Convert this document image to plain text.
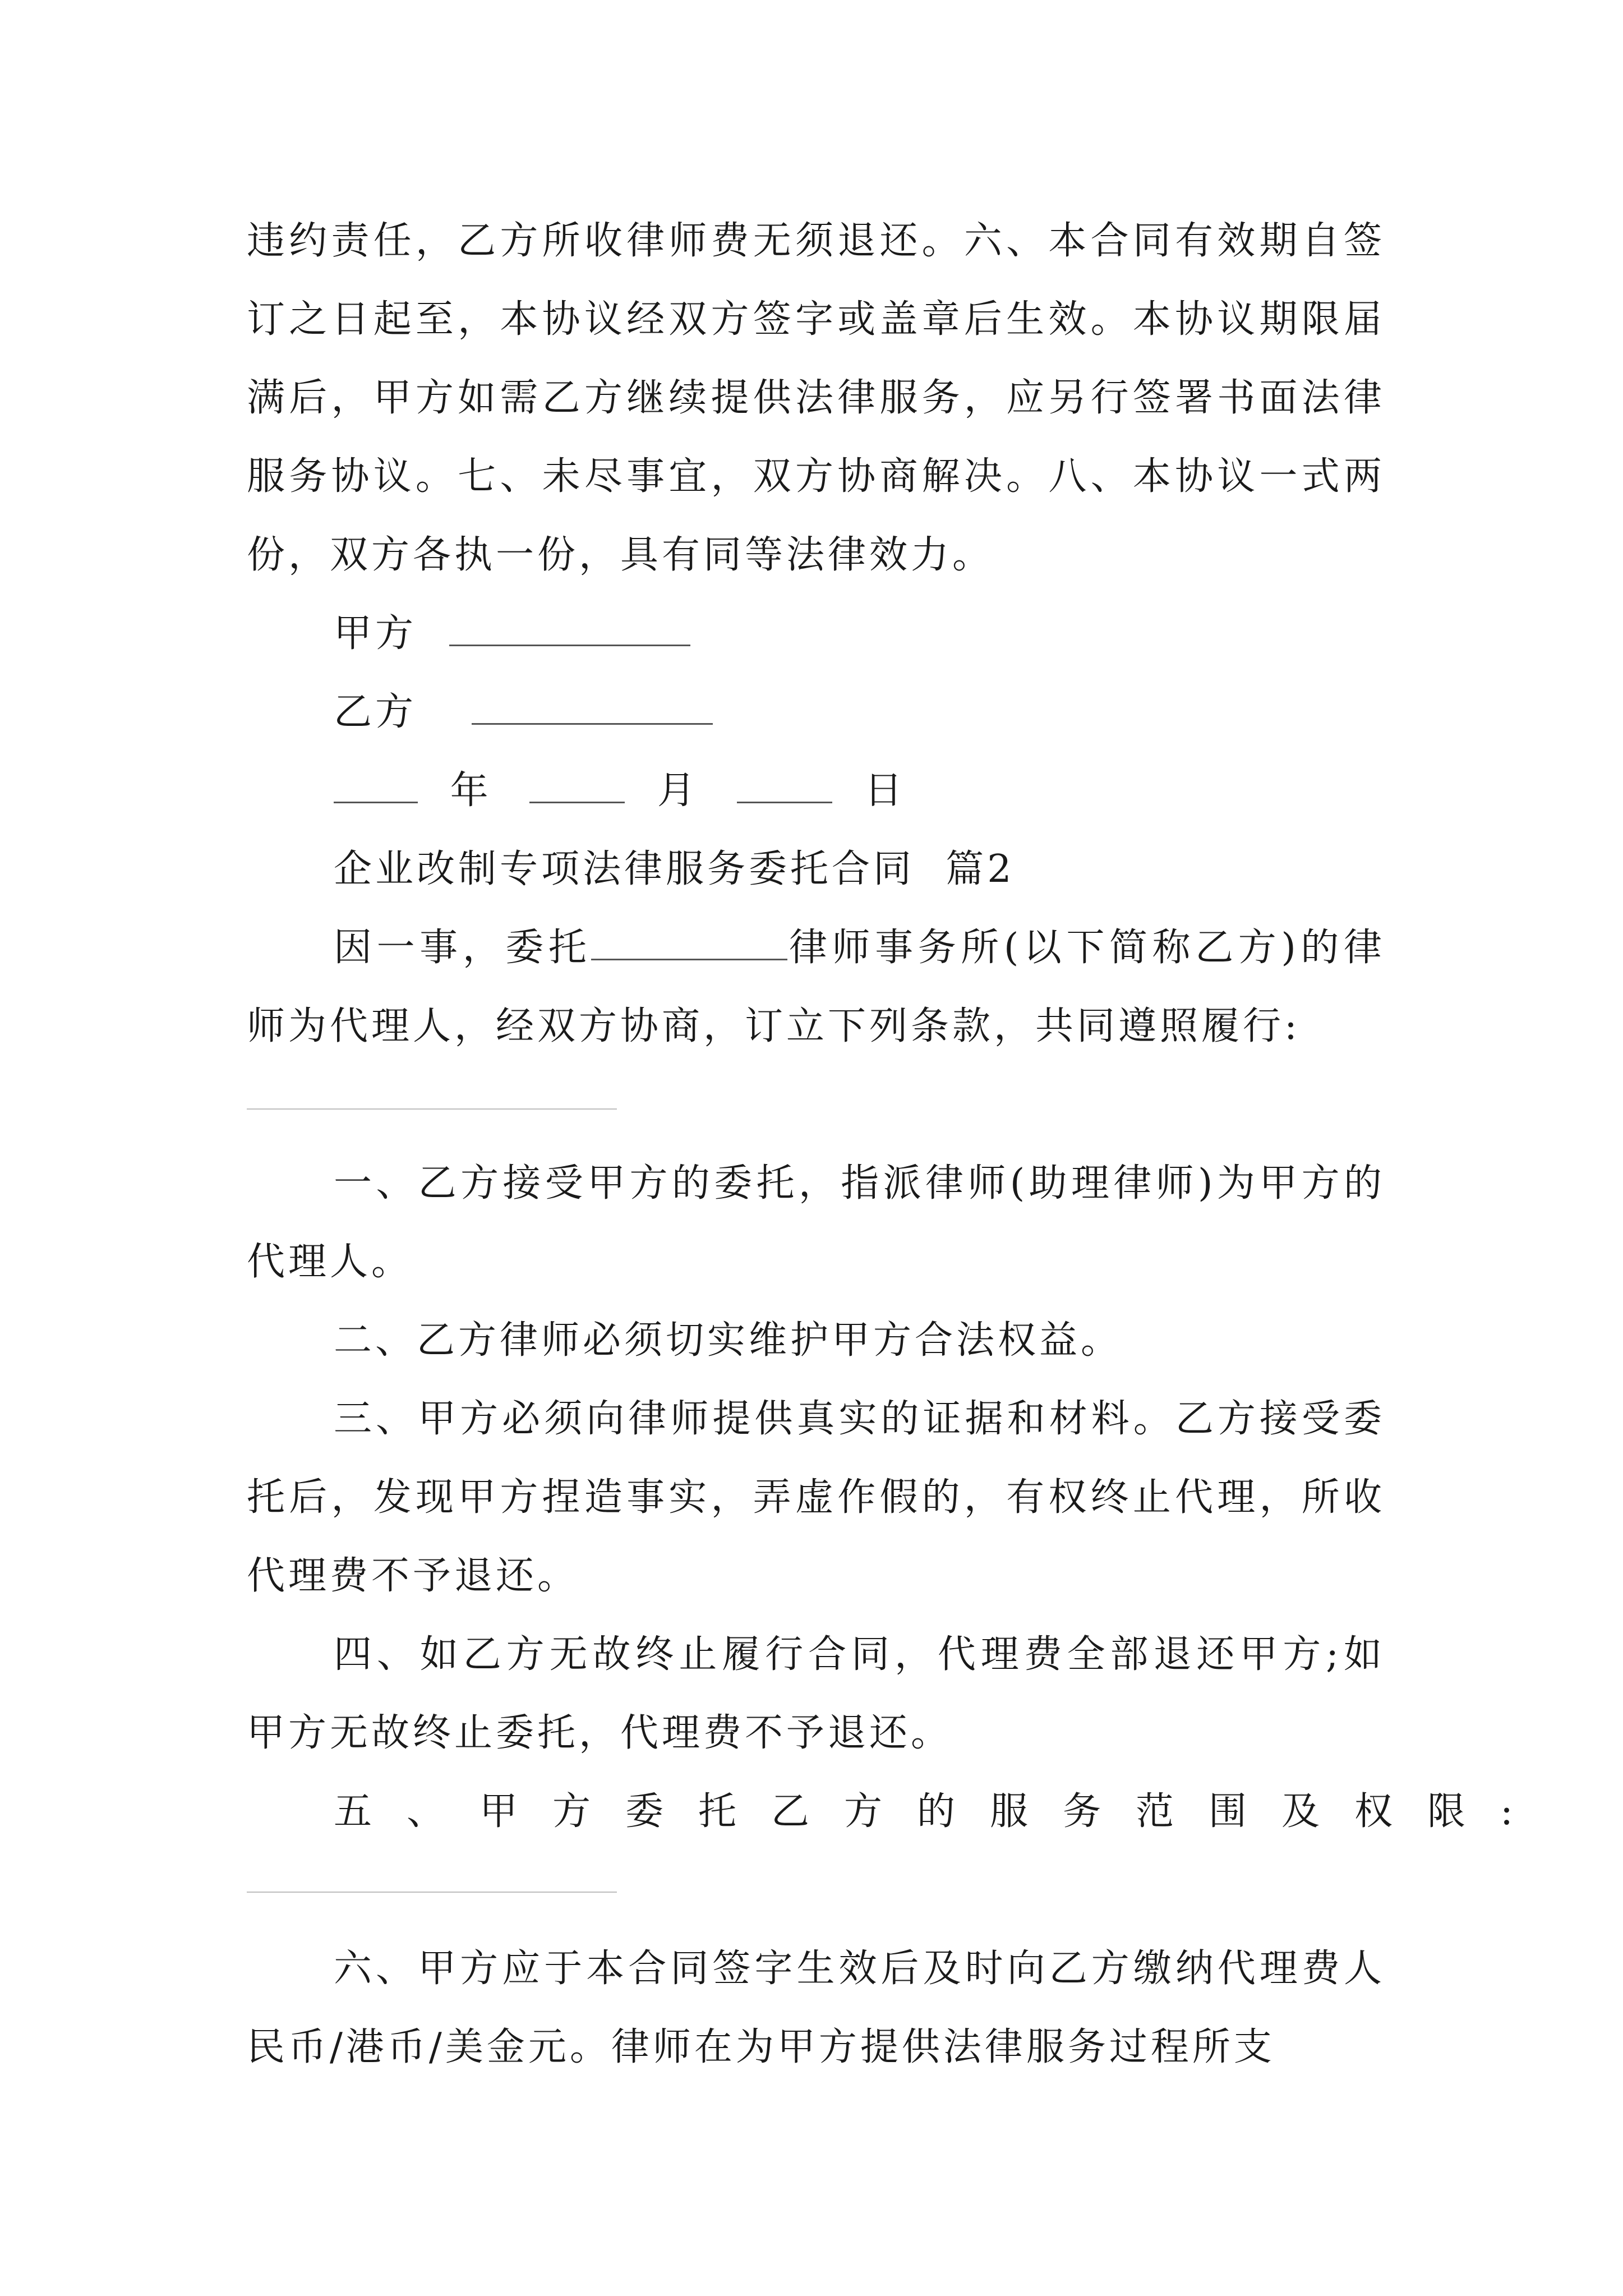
违约责任，乙方所收律师费无须退还。六、本合同有效期自签订之日起至，本协议经双方签字或盖章后生效。本协议期限届满后，甲方如需乙方继续提供法律服务，应另行签署书面法律服务协议。七、未尽事宜，双方协商解决。八、本协议一式两份，双方各执一份，具有同等法律效力。

甲方
乙方
年	月	日

企业改制专项法律服务委托合同  篇2

因一事，委托	律师事务所(以下简称乙方)的律师为代理人，经双方协商，订立下列条款，共同遵照履行:

一、乙方接受甲方的委托，指派律师(助理律师)为甲方的代理人。

二、乙方律师必须切实维护甲方合法权益。

三、甲方必须向律师提供真实的证据和材料。乙方接受委托后，发现甲方捏造事实，弄虚作假的，有权终止代理，所收代理费不予退还。

四、如乙方无故终止履行合同，代理费全部退还甲方;如甲方无故终止委托，代理费不予退还。

五、甲方委托乙方的服务范围及权限:

六、甲方应于本合同签字生效后及时向乙方缴纳代理费人民币/港币/美金元。律师在为甲方提供法律服务过程所支
